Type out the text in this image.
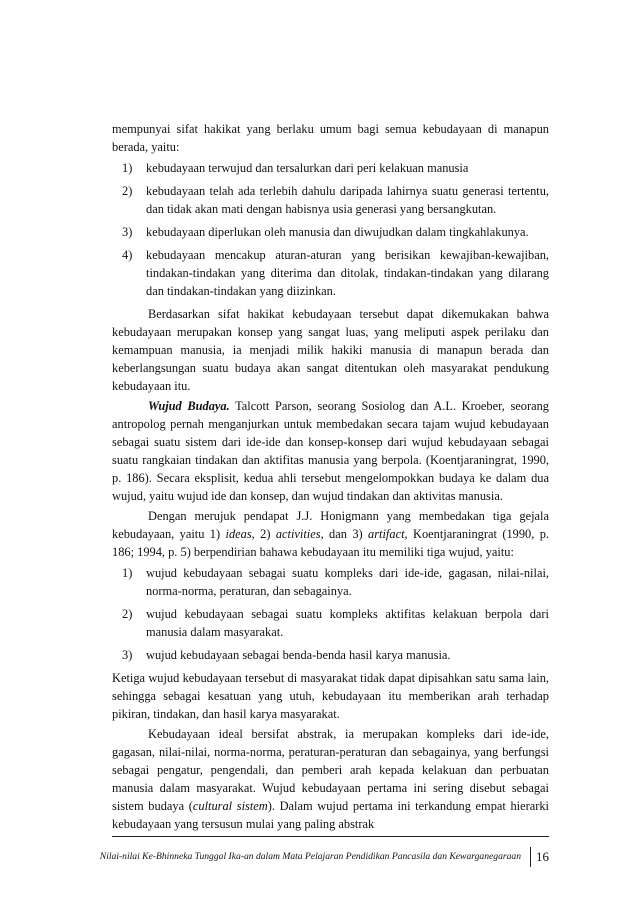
mempunyai sifat hakikat yang berlaku umum bagi semua kebudayaan di manapun berada, yaitu:

1) kebudayaan terwujud dan tersalurkan dari peri kelakuan manusia
2) kebudayaan telah ada terlebih dahulu daripada lahirnya suatu generasi tertentu, dan tidak akan mati dengan habisnya usia generasi yang bersangkutan.
3) kebudayaan diperlukan oleh manusia dan diwujudkan dalam tingkahlakunya.
4) kebudayaan mencakup aturan-aturan yang berisikan kewajiban-kewajiban, tindakan-tindakan yang diterima dan ditolak, tindakan-tindakan yang dilarang dan tindakan-tindakan yang diizinkan.

Berdasarkan sifat hakikat kebudayaan tersebut dapat dikemukakan bahwa kebudayaan merupakan konsep yang sangat luas, yang meliputi aspek perilaku dan kemampuan manusia, ia menjadi milik hakiki manusia di manapun berada dan keberlangsungan suatu budaya akan sangat ditentukan oleh masyarakat pendukung kebudayaan itu.

Wujud Budaya. Talcott Parson, seorang Sosiolog dan A.L. Kroeber, seorang antropolog pernah menganjurkan untuk membedakan secara tajam wujud kebudayaan sebagai suatu sistem dari ide-ide dan konsep-konsep dari wujud kebudayaan sebagai suatu rangkaian tindakan dan aktifitas manusia yang berpola. (Koentjaraningrat, 1990, p. 186). Secara eksplisit, kedua ahli tersebut mengelompokkan budaya ke dalam dua wujud, yaitu wujud ide dan konsep, dan wujud tindakan dan aktivitas manusia.

Dengan merujuk pendapat J.J. Honigmann yang membedakan tiga gejala kebudayaan, yaitu 1) ideas, 2) activities, dan 3) artifact, Koentjaraningrat (1990, p. 186; 1994, p. 5) berpendirian bahawa kebudayaan itu memiliki tiga wujud, yaitu:

1) wujud kebudayaan sebagai suatu kompleks dari ide-ide, gagasan, nilai-nilai, norma-norma, peraturan, dan sebagainya.
2) wujud kebudayaan sebagai suatu kompleks aktifitas kelakuan berpola dari manusia dalam masyarakat.
3) wujud kebudayaan sebagai benda-benda hasil karya manusia.

Ketiga wujud kebudayaan tersebut di masyarakat tidak dapat dipisahkan satu sama lain, sehingga sebagai kesatuan yang utuh, kebudayaan itu memberikan arah terhadap pikiran, tindakan, dan hasil karya masyarakat.

Kebudayaan ideal bersifat abstrak, ia merupakan kompleks dari ide-ide, gagasan, nilai-nilai, norma-norma, peraturan-peraturan dan sebagainya, yang berfungsi sebagai pengatur, pengendali, dan pemberi arah kepada kelakuan dan perbuatan manusia dalam masyarakat. Wujud kebudayaan pertama ini sering disebut sebagai sistem budaya (cultural sistem). Dalam wujud pertama ini terkandung empat hierarki kebudayaan yang tersusun mulai yang paling abstrak

Nilai-nilai Ke-Bhinneka Tunggal Ika-an dalam Mata Pelajaran Pendidikan Pancasila dan Kewarganegaraan 16
